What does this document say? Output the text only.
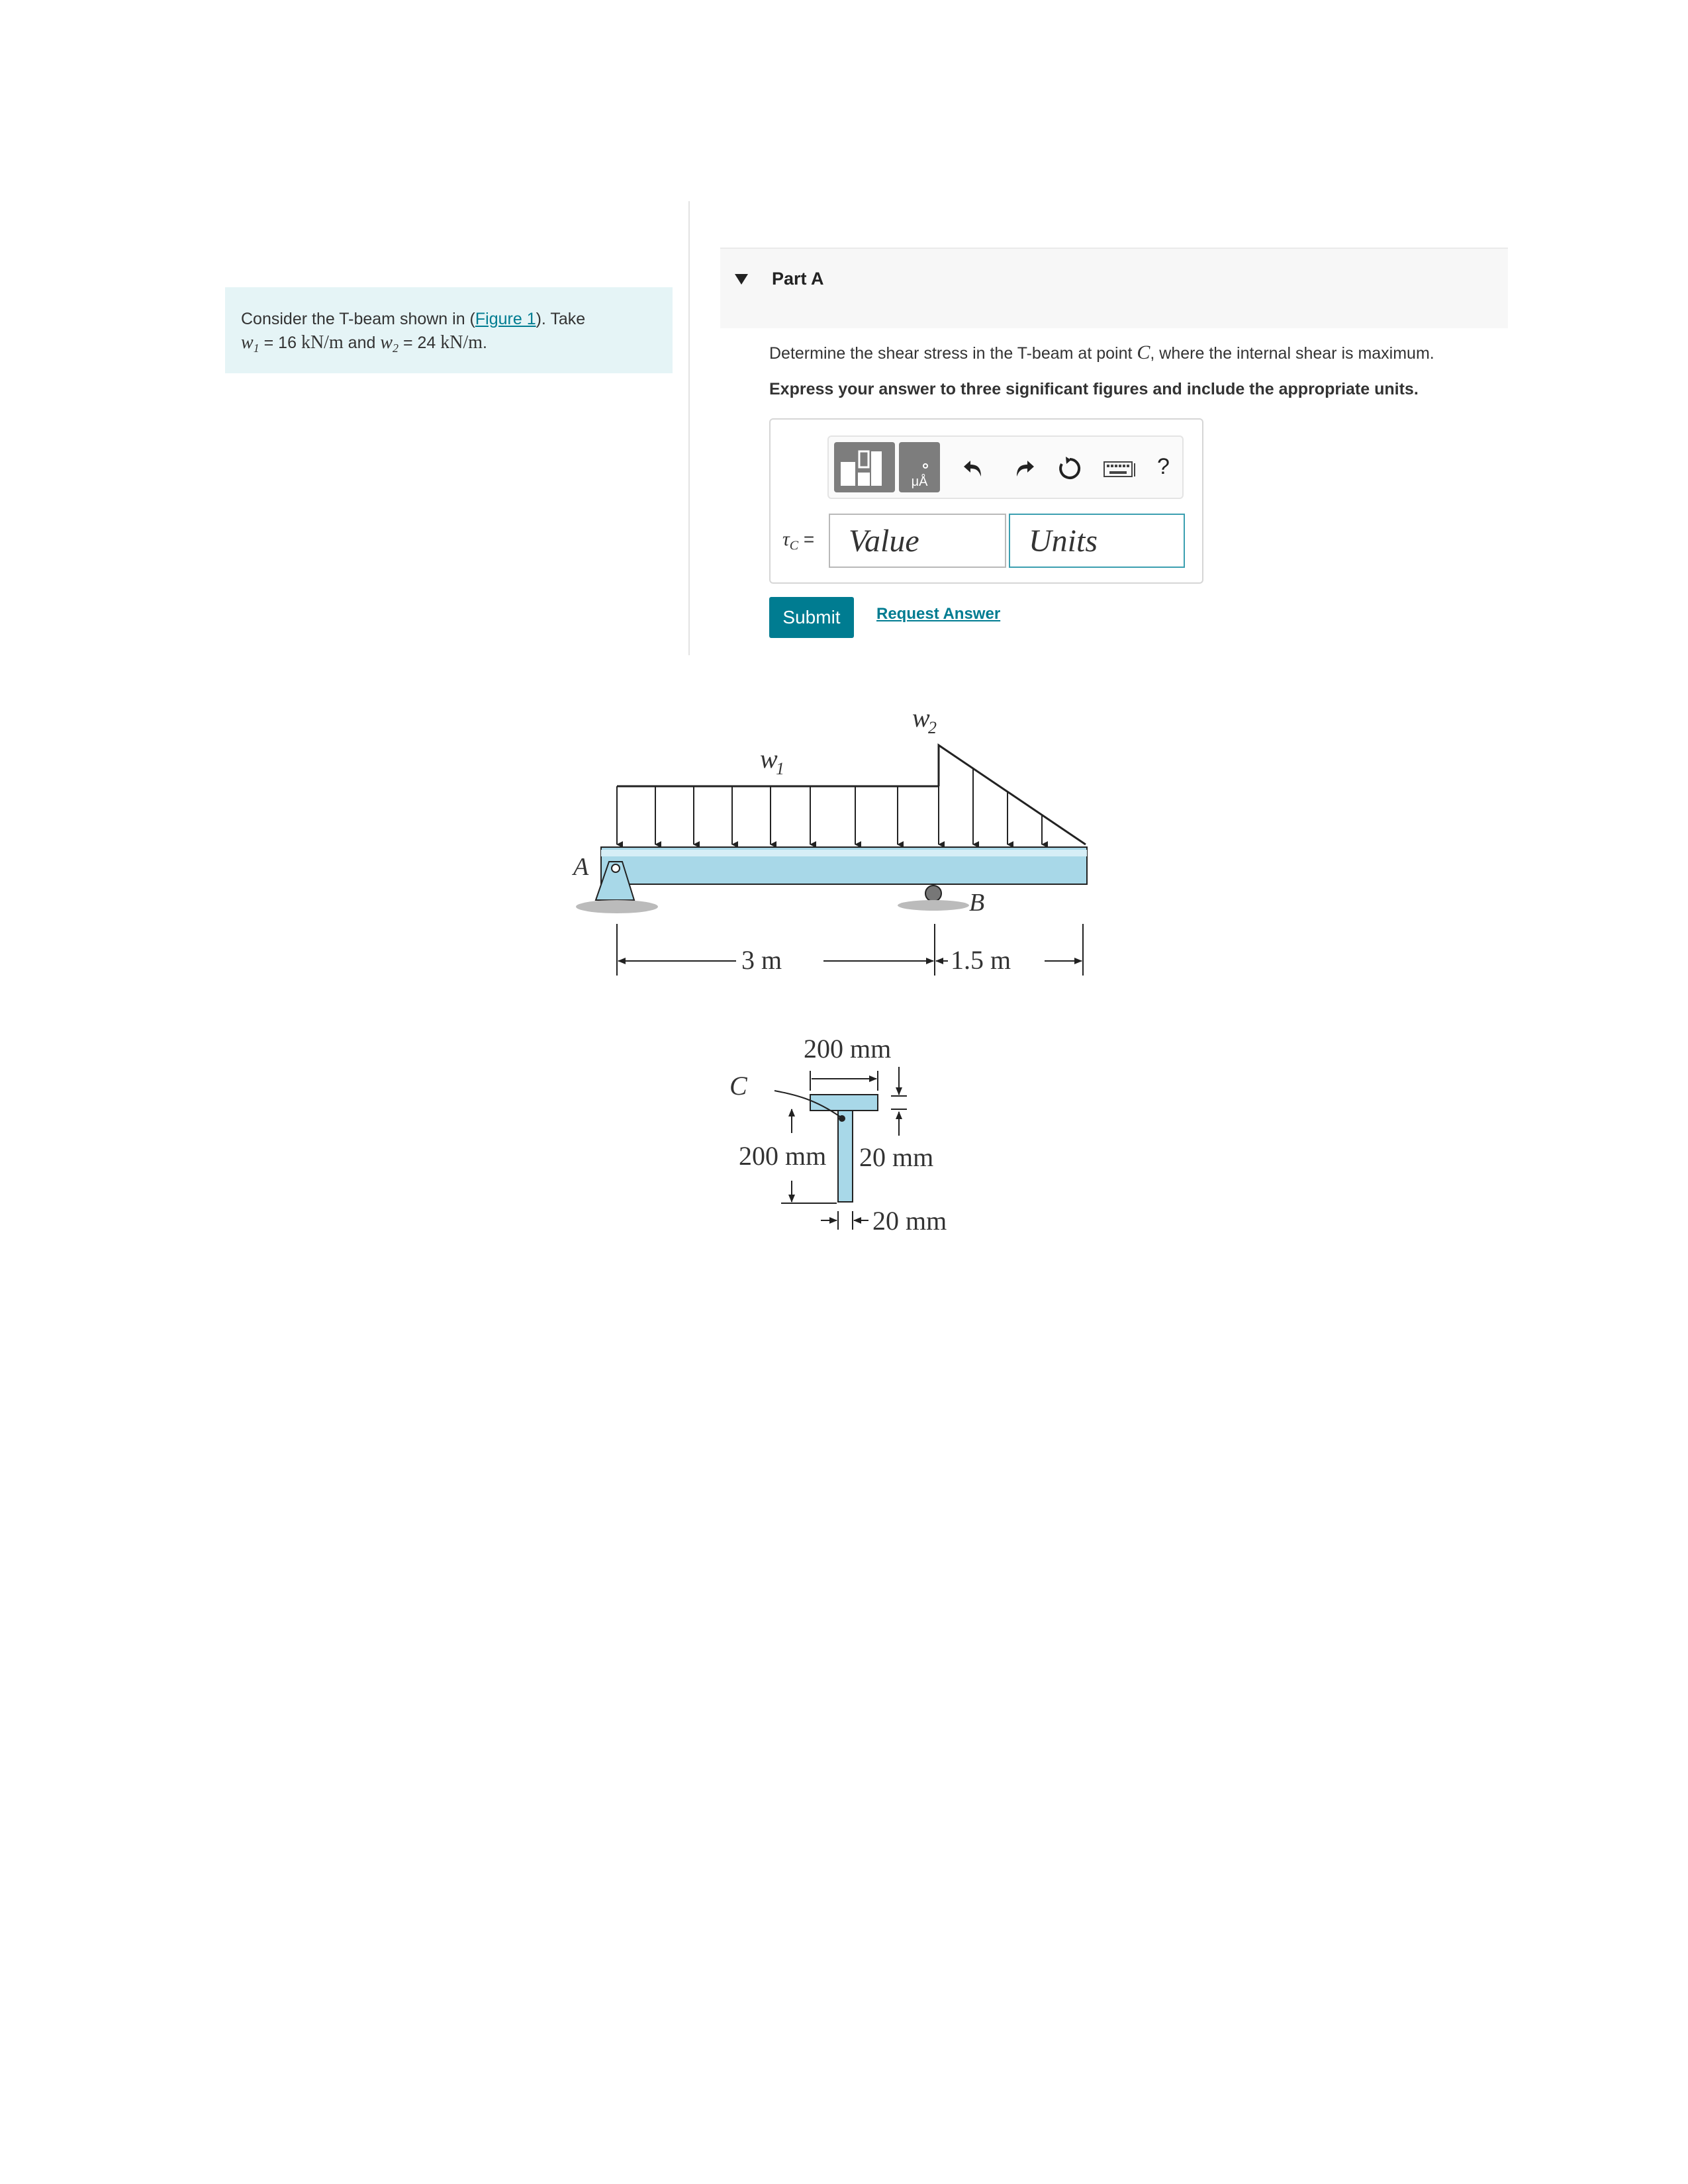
Consider the T-beam shown in (Figure 1). Take
$w_1 = 16$ kN/m and $w_2 = 24$ kN/m.
Part A
Determine the shear stress in the T-beam at point C, where the internal shear is maximum.
Express your answer to three significant figures and include the appropriate units.
μÅ
?
$\tau_C$ =
Value
Units
Submit	Request Answer
w
1
w
2
A
B
3 m	1.5 m
200 mm
C
200 mm 20 mm
20 mm
